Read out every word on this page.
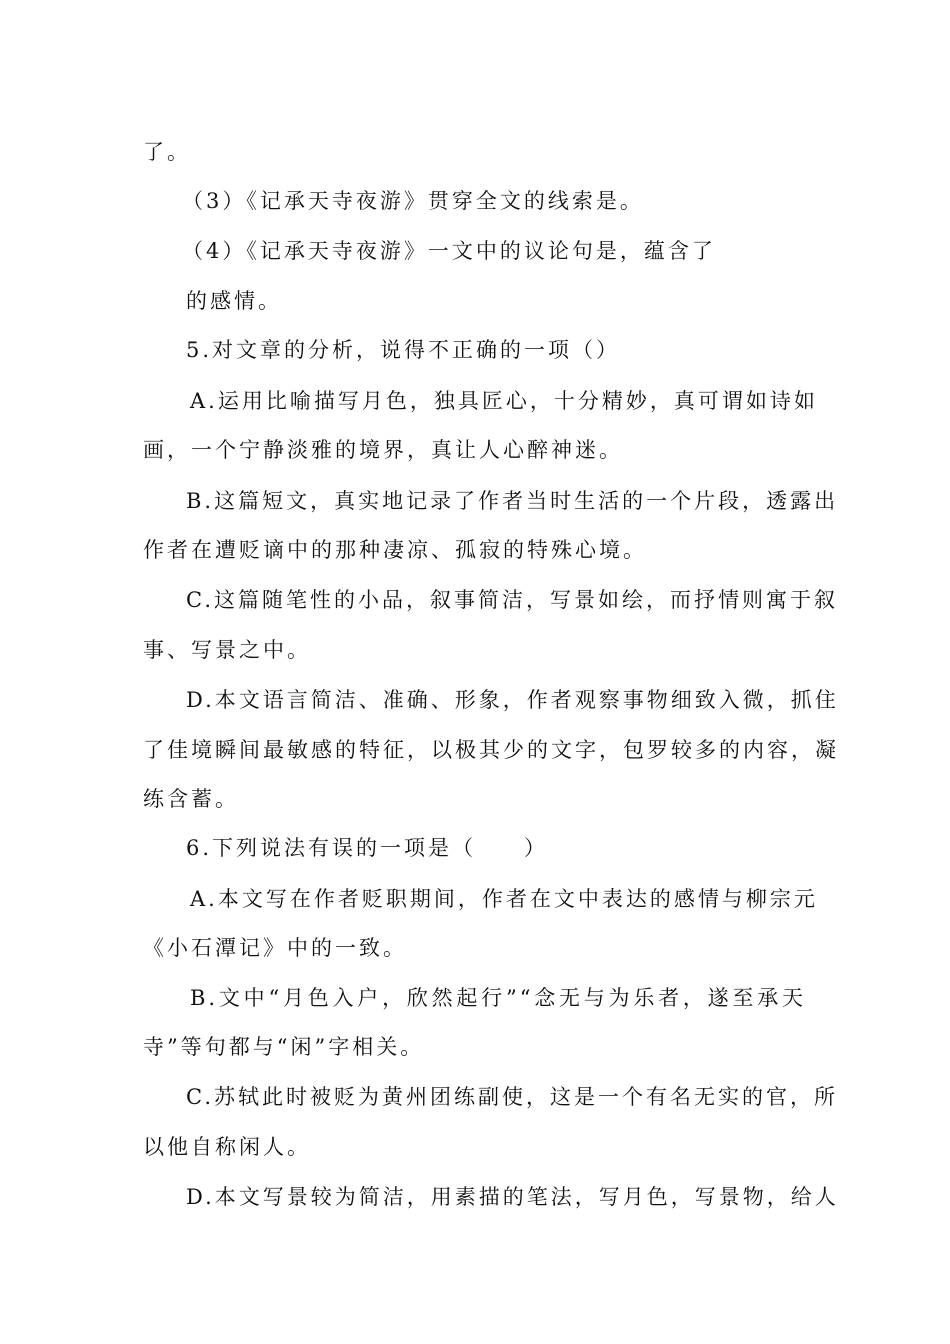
了。
（3）《记承天寺夜游》贯穿全文的线索是。
（4）《记承天寺夜游》一文中的议论句是，蕴含了
的感情。
5.对文章的分析，说得不正确的一项（）
A.运用比喻描写月色，独具匠心，十分精妙，真可谓如诗如
画，一个宁静淡雅的境界，真让人心醉神迷。
B.这篇短文，真实地记录了作者当时生活的一个片段，透露出
作者在遭贬谪中的那种凄凉、孤寂的特殊心境。
C.这篇随笔性的小品，叙事简洁，写景如绘，而抒情则寓于叙
事、写景之中。
D.本文语言简洁、准确、形象，作者观察事物细致入微，抓住
了佳境瞬间最敏感的特征，以极其少的文字，包罗较多的内容，凝
练含蓄。
6.下列说法有误的一项是（　　）
A.本文写在作者贬职期间，作者在文中表达的感情与柳宗元
《小石潭记》中的一致。
B.文中“月色入户，欣然起行”“念无与为乐者，遂至承天
寺”等句都与“闲”字相关。
C.苏轼此时被贬为黄州团练副使，这是一个有名无实的官，所
以他自称闲人。
D.本文写景较为简洁，用素描的笔法，写月色，写景物，给人
